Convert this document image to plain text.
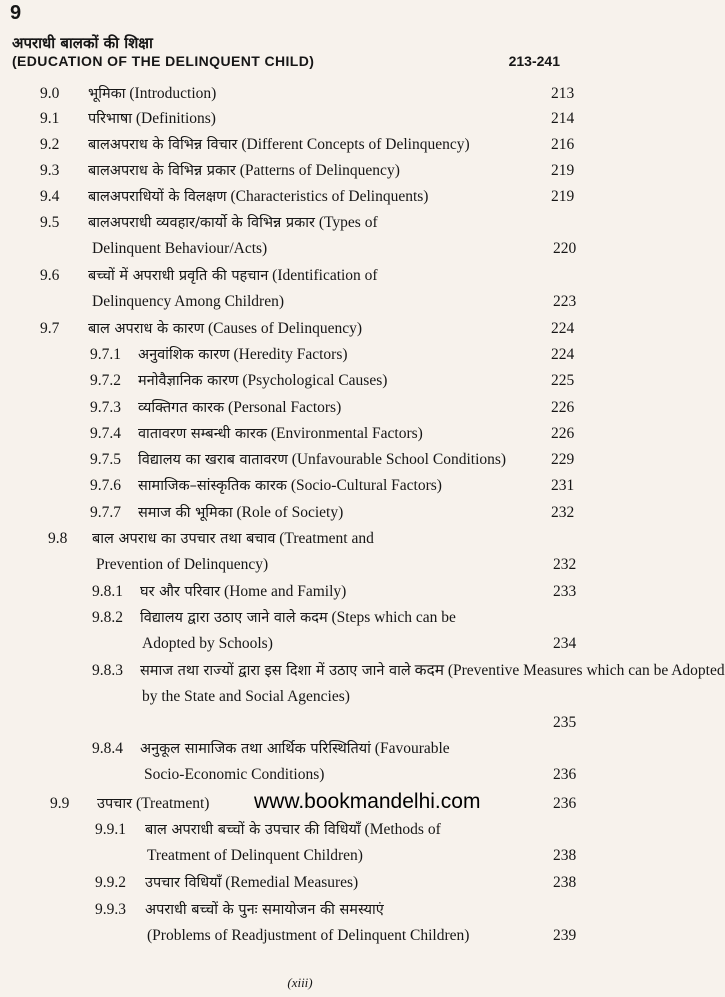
9
अपराधी बालकों की शिक्षा
(EDUCATION OF THE DELINQUENT CHILD)	213-241
9.0 भूमिका (Introduction)	213
9.1 परिभाषा (Definitions)	214
9.2 बालअपराध के विभिन्न विचार (Different Concepts of Delinquency)	216
9.3 बालअपराध के विभिन्न प्रकार (Patterns of Delinquency)	219
9.4 बालअपराधियों के विलक्षण (Characteristics of Delinquents)	219
9.5 बालअपराधी व्यवहार/कार्यो के विभिन्न प्रकार (Types of
Delinquent Behaviour/Acts)	220
9.6 बच्चों में अपराधी प्रवृति की पहचान (Identification of
Delinquency Among Children)	223
9.7 बाल अपराध के कारण (Causes of Delinquency)	224
9.7.1 अनुवांशिक कारण (Heredity Factors)	224
9.7.2 मनोवैज्ञानिक कारण (Psychological Causes)	225
9.7.3 व्यक्तिगत कारक (Personal Factors)	226
9.7.4 वातावरण सम्बन्धी कारक (Environmental Factors)	226
9.7.5 विद्यालय का खराब वातावरण (Unfavourable School Conditions)	229
9.7.6 सामाजिक–सांस्कृतिक कारक (Socio-Cultural Factors)	231
9.7.7 समाज की भूमिका (Role of Society)	232
9.8 बाल अपराध का उपचार तथा बचाव (Treatment and
Prevention of Delinquency)	232
9.8.1 घर और परिवार (Home and Family)	233
9.8.2 विद्यालय द्वारा उठाए जाने वाले कदम (Steps which can be
Adopted by Schools)	234
9.8.3 समाज तथा राज्यों द्वारा इस दिशा में उठाए जाने वाले कदम (Preventive Measures which can be Adopted
by the State and Social Agencies)
235
9.8.4 अनुकूल सामाजिक तथा आर्थिक परिस्थितियां (Favourable
Socio-Economic Conditions)	236
9.9 उपचार (Treatment)	236
9.9.1 बाल अपराधी बच्चों के उपचार की विधियाँ (Methods of
Treatment of Delinquent Children)	238
9.9.2 उपचार विधियाँ (Remedial Measures)	238
9.9.3 अपराधी बच्चों के पुनः समायोजन की समस्याएं
(Problems of Readjustment of Delinquent Children)	239
www.bookmandelhi.com
(xiii)
